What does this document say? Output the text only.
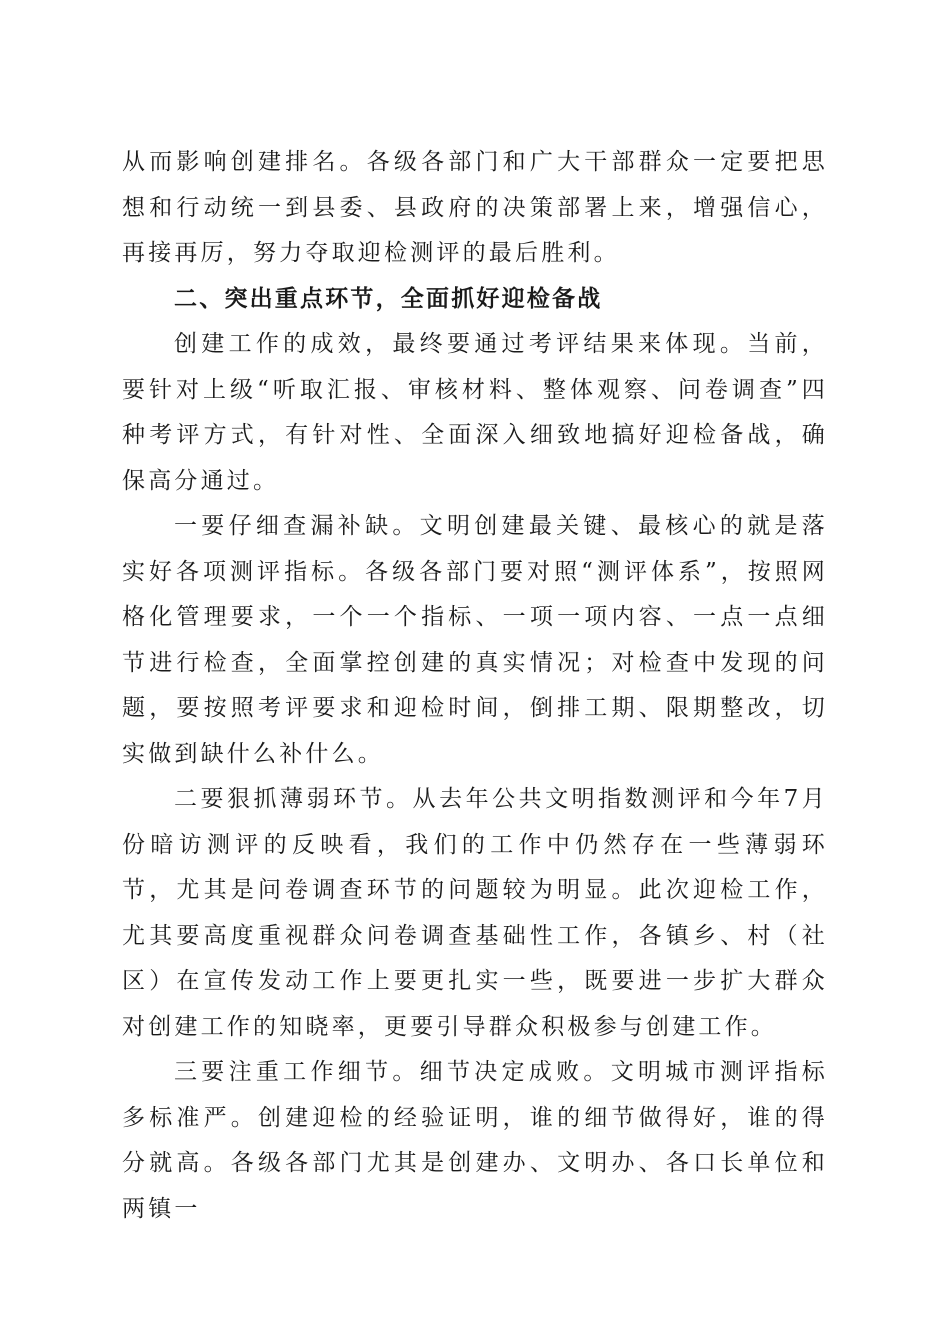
从而影响创建排名。各级各部门和广大干部群众一定要把思想和行动统一到县委、县政府的决策部署上来，增强信心，再接再厉，努力夺取迎检测评的最后胜利。

二、突出重点环节，全面抓好迎检备战

创建工作的成效，最终要通过考评结果来体现。当前，要针对上级“听取汇报、审核材料、整体观察、问卷调查”四种考评方式，有针对性、全面深入细致地搞好迎检备战，确保高分通过。

一要仔细查漏补缺。文明创建最关键、最核心的就是落实好各项测评指标。各级各部门要对照“测评体系”，按照网格化管理要求，一个一个指标、一项一项内容、一点一点细节进行检查，全面掌控创建的真实情况；对检查中发现的问题，要按照考评要求和迎检时间，倒排工期、限期整改，切实做到缺什么补什么。

二要狠抓薄弱环节。从去年公共文明指数测评和今年7月份暗访测评的反映看，我们的工作中仍然存在一些薄弱环节，尤其是问卷调查环节的问题较为明显。此次迎检工作，尤其要高度重视群众问卷调查基础性工作，各镇乡、村（社区）在宣传发动工作上要更扎实一些，既要进一步扩大群众对创建工作的知晓率，更要引导群众积极参与创建工作。

三要注重工作细节。细节决定成败。文明城市测评指标多标准严。创建迎检的经验证明，谁的细节做得好，谁的得分就高。各级各部门尤其是创建办、文明办、各口长单位和两镇一
